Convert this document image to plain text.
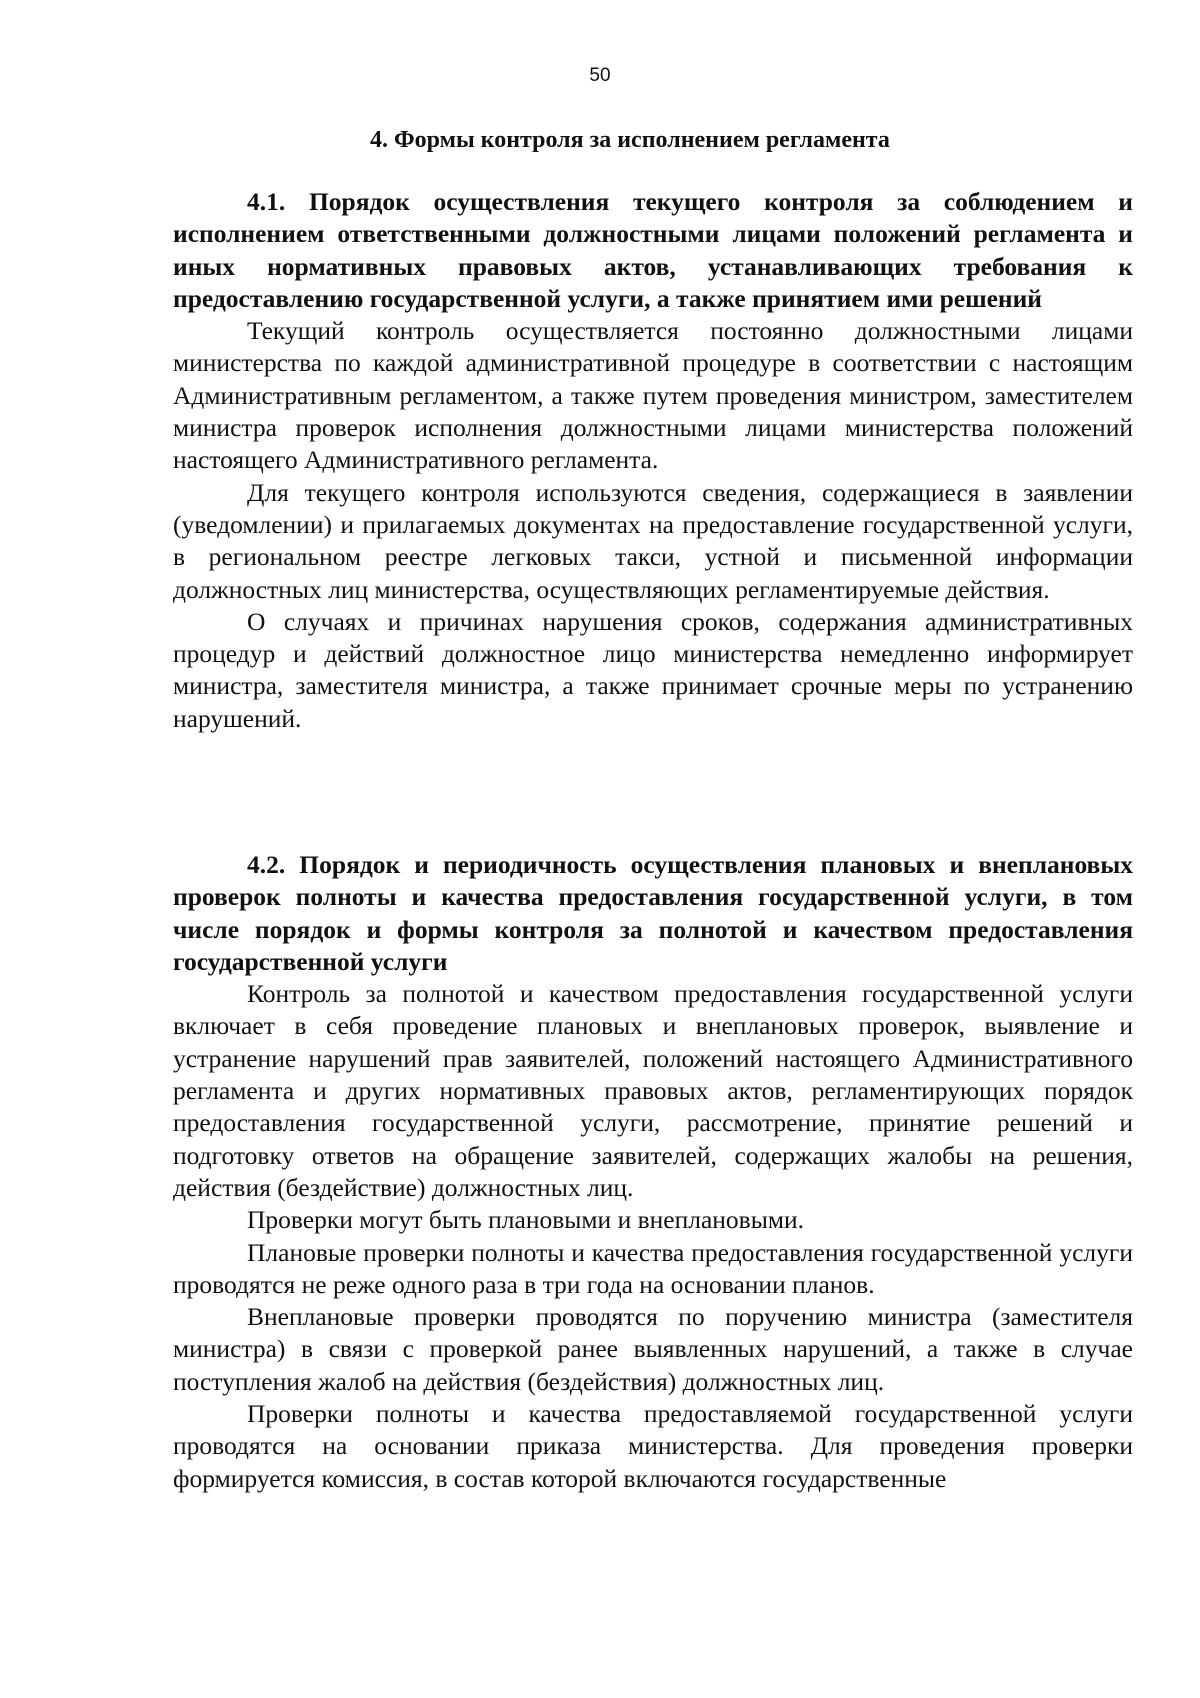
50
4. Формы контроля за исполнением регламента

4.1. Порядок осуществления текущего контроля за соблюдением и исполнением ответственными должностными лицами положений регламента и иных нормативных правовых актов, устанавливающих требования к предоставлению государственной услуги, а также принятием ими решений

Текущий контроль осуществляется постоянно должностными лицами министерства по каждой административной процедуре в соответствии с настоящим Административным регламентом, а также путем проведения министром, заместителем министра проверок исполнения должностными лицами министерства положений настоящего Административного регламента.

Для текущего контроля используются сведения, содержащиеся в заявлении (уведомлении) и прилагаемых документах на предоставление государственной услуги, в региональном реестре легковых такси, устной и письменной информации должностных лиц министерства, осуществляющих регламентируемые действия.

О случаях и причинах нарушения сроков, содержания административных процедур и действий должностное лицо министерства немедленно информирует министра, заместителя министра, а также принимает срочные меры по устранению нарушений.

4.2. Порядок и периодичность осуществления плановых и внеплановых проверок полноты и качества предоставления государственной услуги, в том числе порядок и формы контроля за полнотой и качеством предоставления государственной услуги

Контроль за полнотой и качеством предоставления государственной услуги включает в себя проведение плановых и внеплановых проверок, выявление и устранение нарушений прав заявителей, положений настоящего Административного регламента и других нормативных правовых актов, регламентирующих порядок предоставления государственной услуги, рассмотрение, принятие решений и подготовку ответов на обращение заявителей, содержащих жалобы на решения, действия (бездействие) должностных лиц.

Проверки могут быть плановыми и внеплановыми.

Плановые проверки полноты и качества предоставления государственной услуги проводятся не реже одного раза в три года на основании планов.

Внеплановые проверки проводятся по поручению министра (заместителя министра) в связи с проверкой ранее выявленных нарушений, а также в случае поступления жалоб на действия (бездействия) должностных лиц.

Проверки полноты и качества предоставляемой государственной услуги проводятся на основании приказа министерства. Для проведения проверки формируется комиссия, в состав которой включаются государственные
